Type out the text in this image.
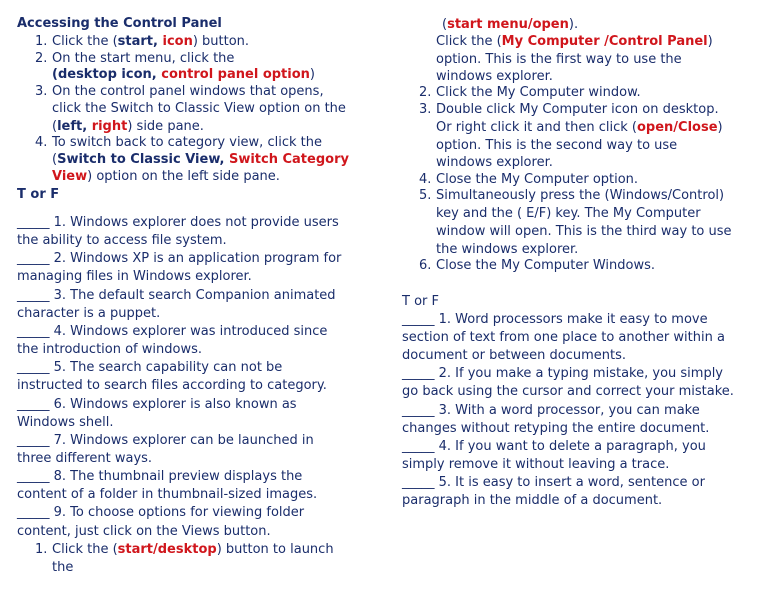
Accessing the Control Panel
1. Click the (start, icon) button.
2. On the start menu, click the
(desktop icon, control panel option)
3. On the control panel windows that opens,
click the Switch to Classic View option on the
(left, right) side pane.
4. To switch back to category view, click the
(Switch to Classic View, Switch Category
View) option on the left side pane.
T or F
_____ 1. Windows explorer does not provide users
the ability to access file system.
_____ 2. Windows XP is an application program for
managing files in Windows explorer.
_____ 3. The default search Companion animated
character is a puppet.
_____ 4. Windows explorer was introduced since
the introduction of windows.
_____ 5. The search capability can not be
instructed to search files according to category.
_____ 6. Windows explorer is also known as
Windows shell.
_____ 7. Windows explorer can be launched in
three different ways.
_____ 8. The thumbnail preview displays the
content of a folder in thumbnail-sized images.
_____ 9. To choose options for viewing folder
content, just click on the Views button.
1. Click the (start/desktop) button to launch
the
(start menu/open).
Click the (My Computer /Control Panel)
option. This is the first way to use the
windows explorer.
2. Click the My Computer window.
3. Double click My Computer icon on desktop.
Or right click it and then click (open/Close)
option. This is the second way to use
windows explorer.
4. Close the My Computer option.
5. Simultaneously press the (Windows/Control)
key and the ( E/F) key. The My Computer
window will open. This is the third way to use
the windows explorer.
6. Close the My Computer Windows.
T or F
_____ 1. Word processors make it easy to move
section of text from one place to another within a
document or between documents.
_____ 2. If you make a typing mistake, you simply
go back using the cursor and correct your mistake.
_____ 3. With a word processor, you can make
changes without retyping the entire document.
_____ 4. If you want to delete a paragraph, you
simply remove it without leaving a trace.
_____ 5. It is easy to insert a word, sentence or
paragraph in the middle of a document.
